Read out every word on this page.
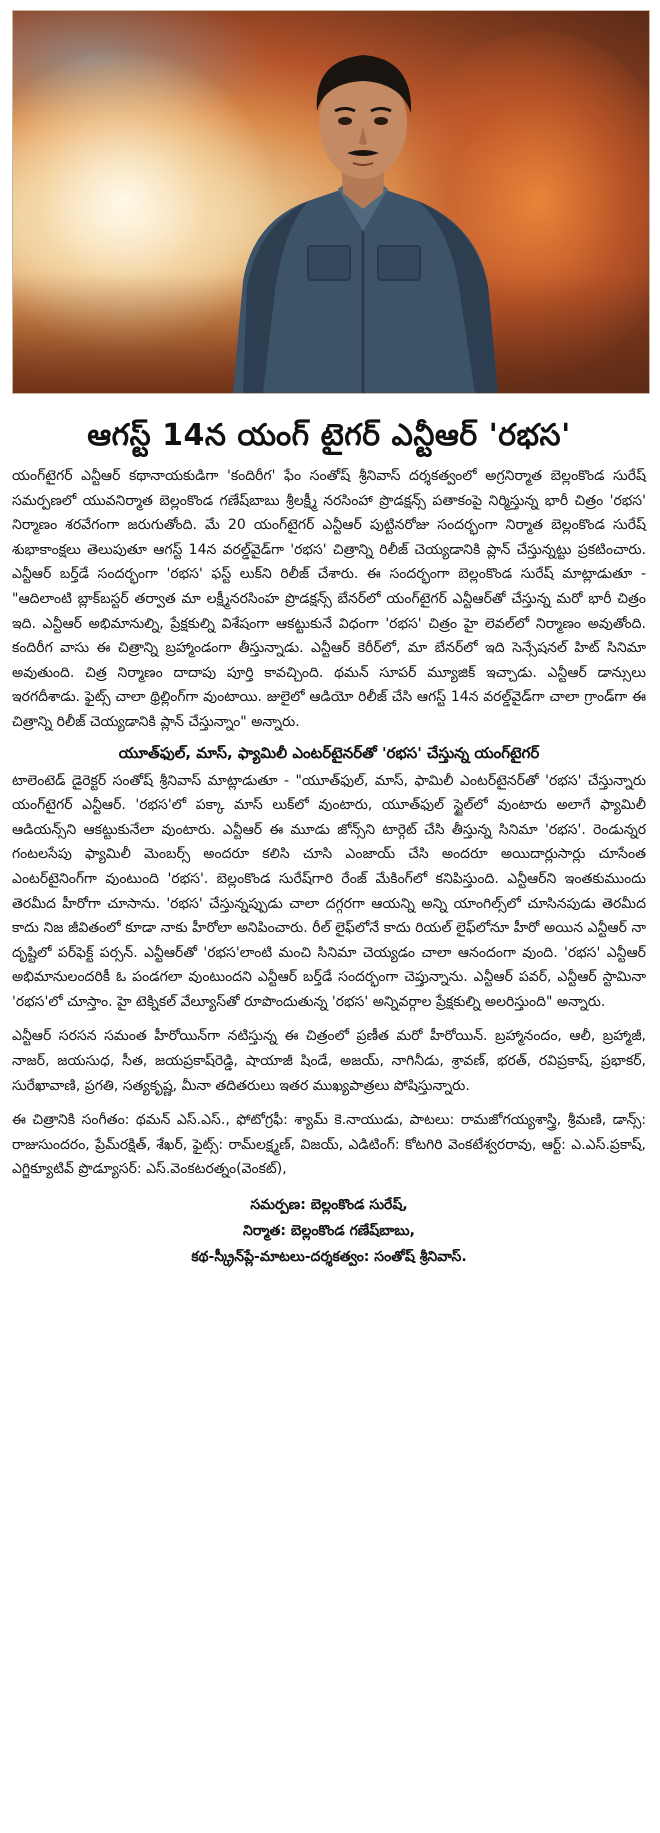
ఆగస్ట్ 14న యంగ్ టైగర్ ఎన్టీఆర్ 'రభస'

యంగ్‌టైగర్ ఎన్టీఆర్ కథానాయకుడిగా 'కందిరీగ' ఫేం సంతోష్ శ్రీనివాస్ దర్శకత్వంలో అగ్రనిర్మాత బెల్లంకొండ సురేష్ సమర్పణలో యువనిర్మాత బెల్లంకొండ గణేష్‌బాబు శ్రీలక్ష్మీ నరసింహా ప్రొడక్షన్స్ పతాకంపై నిర్మిస్తున్న భారీ చిత్రం 'రభస' నిర్మాణం శరవేగంగా జరుగుతోంది. మే 20 యంగ్‌టైగర్ ఎన్టీఆర్ పుట్టినరోజు సందర్భంగా నిర్మాత బెల్లంకొండ సురేష్ శుభాకాంక్షలు తెలుపుతూ ఆగస్ట్ 14న వరల్డ్‌వైడ్‌గా 'రభస' చిత్రాన్ని రిలీజ్ చెయ్యడానికి ప్లాన్ చేస్తున్నట్టు ప్రకటించారు. ఎన్టీఆర్ బర్త్‌డే సందర్భంగా 'రభస' ఫస్ట్ లుక్‌ని రిలీజ్ చేశారు. ఈ సందర్భంగా బెల్లంకొండ సురేష్ మాట్లాడుతూ - "ఆదిలాంటి బ్లాక్‌బస్టర్ తర్వాత మా లక్ష్మీనరసింహ ప్రొడక్షన్స్ బేనర్‌లో యంగ్‌టైగర్ ఎన్టీఆర్‌తో చేస్తున్న మరో భారీ చిత్రం ఇది. ఎన్టీఆర్ అభిమానుల్ని, ప్రేక్షకుల్ని విశేషంగా ఆకట్టుకునే విధంగా 'రభస' చిత్రం హై లెవల్‌లో నిర్మాణం అవుతోంది. కందిరీగ వాసు ఈ చిత్రాన్ని బ్రహ్మాండంగా తీస్తున్నాడు. ఎన్టీఆర్ కెరీర్‌లో, మా బేనర్‌లో ఇది సెన్సేషనల్ హిట్ సినిమా అవుతుంది. చిత్ర నిర్మాణం దాదాపు పూర్తి కావచ్చింది. థమన్ సూపర్ మ్యూజిక్ ఇచ్చాడు. ఎన్టీఆర్ డాన్సులు ఇరగదీశాడు. ఫైట్స్ చాలా థ్రిల్లింగ్‌గా వుంటాయి. జులైలో ఆడియో రిలీజ్ చేసి ఆగస్ట్ 14న వరల్డ్‌వైడ్‌గా చాలా గ్రాండ్‌గా ఈ చిత్రాన్ని రిలీజ్ చెయ్యడానికి ప్లాన్ చేస్తున్నాం" అన్నారు.

యూత్‌ఫుల్, మాస్, ఫ్యామిలీ ఎంటర్‌టైనర్‌తో 'రభస' చేస్తున్న యంగ్‌టైగర్

టాలెంటెడ్ డైరెక్టర్ సంతోష్ శ్రీనివాస్ మాట్లాడుతూ - "యూత్‌ఫుల్, మాస్, ఫామిలీ ఎంటర్‌టైనర్‌తో 'రభస' చేస్తున్నారు యంగ్‌టైగర్ ఎన్టీఆర్. 'రభస'లో పక్కా మాస్ లుక్‌లో వుంటారు, యూత్‌ఫుల్ స్టైల్‌లో వుంటారు అలాగే ఫ్యామిలీ ఆడియన్స్‌ని ఆకట్టుకునేలా వుంటారు. ఎన్టీఆర్ ఈ మూడు జోన్స్‌ని టార్గెట్ చేసి తీస్తున్న సినిమా 'రభస'. రెండున్నర గంటలసేపు ఫ్యామిలీ మెంబర్స్ అందరూ కలిసి చూసి ఎంజాయ్ చేసి అందరూ అయిదార్లుసార్లు చూసేంత ఎంటర్‌టైనింగ్‌గా వుంటుంది 'రభస'. బెల్లంకొండ సురేష్‌గారి రేంజ్ మేకింగ్‌లో కనిపిస్తుంది. ఎన్టీఆర్‌ని ఇంతకుముందు తెరమీద హీరోగా చూసాను. 'రభస' చేస్తున్నప్పుడు చాలా దగ్గరగా ఆయన్ని అన్ని యాంగిల్స్‌లో చూసినపుడు తెరమీద కాదు నిజ జీవితంలో కూడా నాకు హీరోలా అనిపించారు. రీల్ లైఫ్‌లోనే కాదు రియల్ లైఫ్‌లోనూ హీరో అయిన ఎన్టీఆర్ నా దృష్టిలో పర్‌ఫెక్ట్ పర్సన్. ఎన్టీఆర్‌తో 'రభస'లాంటి మంచి సినిమా చెయ్యడం చాలా ఆనందంగా వుంది. 'రభస' ఎన్టీఆర్ అభిమానులందరికీ ఓ పండగలా వుంటుందని ఎన్టీఆర్ బర్త్‌డే సందర్భంగా చెప్తున్నాను. ఎన్టీఆర్ పవర్, ఎన్టీఆర్ స్టామినా 'రభస'లో చూస్తాం. హై టెక్నికల్ వేల్యూస్‌తో రూపొందుతున్న 'రభస' అన్నివర్గాల ప్రేక్షకుల్ని అలరిస్తుంది" అన్నారు.

ఎన్టీఆర్ సరసన సమంత హీరోయిన్‌గా నటిస్తున్న ఈ చిత్రంలో ప్రణీత మరో హీరోయిన్. బ్రహ్మానందం, ఆలీ, బ్రహ్మాజీ, నాజర్, జయసుధ, సీత, జయప్రకాష్‌రెడ్డి, షాయాజీ షిండే, అజయ్, నాగినీడు, శ్రావణ్, భరత్, రవిప్రకాష్, ప్రభాకర్, సురేఖావాణి, ప్రగతి, సత్యకృష్ణ, మీనా తదితరులు ఇతర ముఖ్యపాత్రలు పోషిస్తున్నారు.

ఈ చిత్రానికి సంగీతం: థమన్ ఎస్.ఎస్., ఫోటోగ్రఫీ: శ్యామ్ కె.నాయుడు, పాటలు: రామజోగయ్యశాస్త్రి, శ్రీమణి, డాన్స్: రాజుసుందరం, ప్రేమ్‌రక్షిత్, శేఖర్, ఫైట్స్: రామ్‌లక్ష్మణ్, విజయ్, ఎడిటింగ్: కోటగిరి వెంకటేశ్వరరావు, ఆర్ట్: ఎ.ఎస్.ప్రకాష్, ఎగ్జిక్యూటివ్ ప్రొడ్యూసర్: ఎస్.వెంకటరత్నం(వెంకట్),

సమర్పణ: బెల్లంకొండ సురేష్,
నిర్మాత: బెల్లంకొండ గణేష్‌బాబు,
కథ-స్క్రీన్‌ప్లే-మాటలు-దర్శకత్వం: సంతోష్ శ్రీనివాస్.
